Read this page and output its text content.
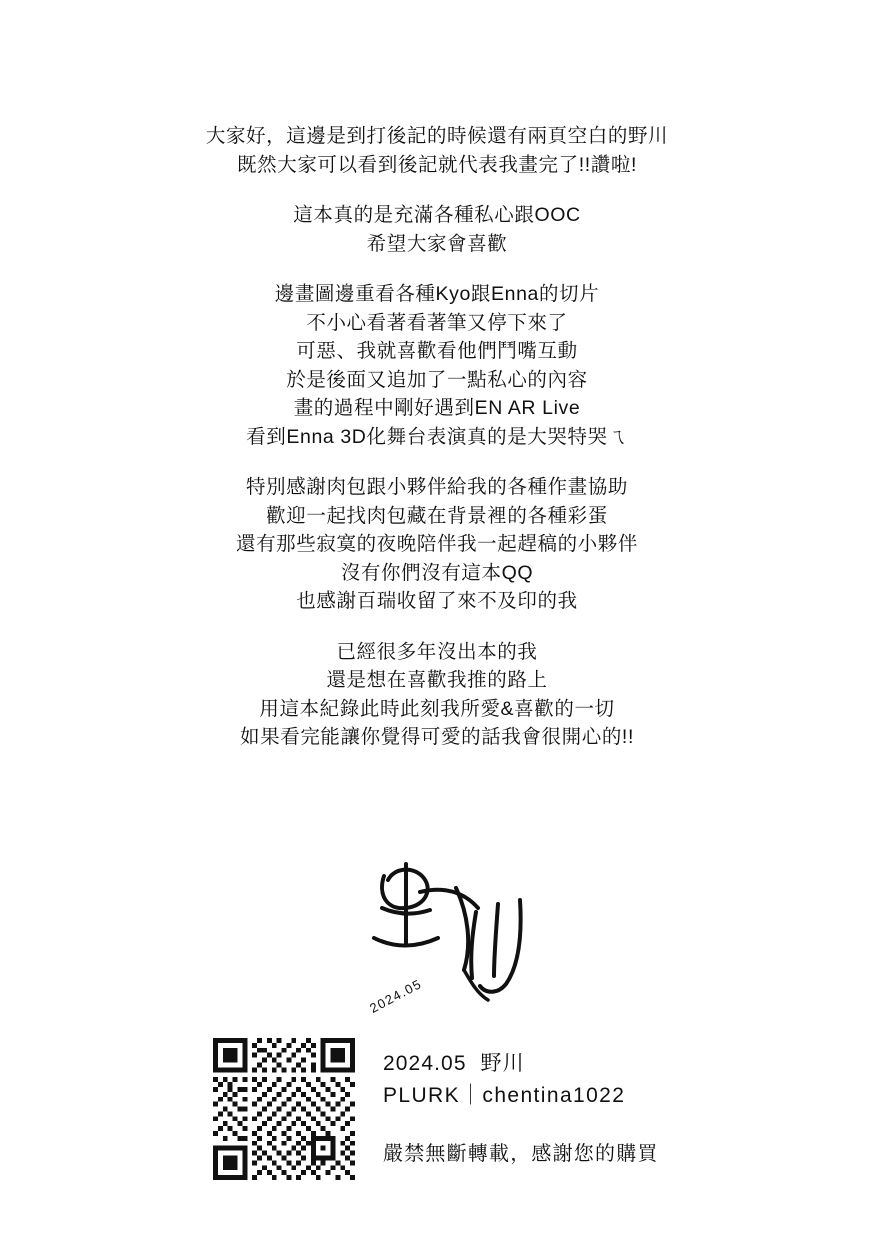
大家好，這邊是到打後記的時候還有兩頁空白的野川
既然大家可以看到後記就代表我畫完了!!讚啦!
這本真的是充滿各種私心跟OOC
希望大家會喜歡
邊畫圖邊重看各種Kyo跟Enna的切片
不小心看著看著筆又停下來了
可惡、我就喜歡看他們鬥嘴互動
於是後面又追加了一點私心的內容
畫的過程中剛好遇到EN AR Live
看到Enna 3D化舞台表演真的是大哭特哭ㄟ
特別感謝肉包跟小夥伴給我的各種作畫協助
歡迎一起找肉包藏在背景裡的各種彩蛋
還有那些寂寞的夜晚陪伴我一起趕稿的小夥伴
沒有你們沒有這本QQ
也感謝百瑞收留了來不及印的我
已經很多年沒出本的我
還是想在喜歡我推的路上
用這本紀錄此時此刻我所愛&喜歡的一切
如果看完能讓你覺得可愛的話我會很開心的!!
2024.05
2024.05  野川
PLURK｜chentina1022
嚴禁無斷轉載，感謝您的購買
